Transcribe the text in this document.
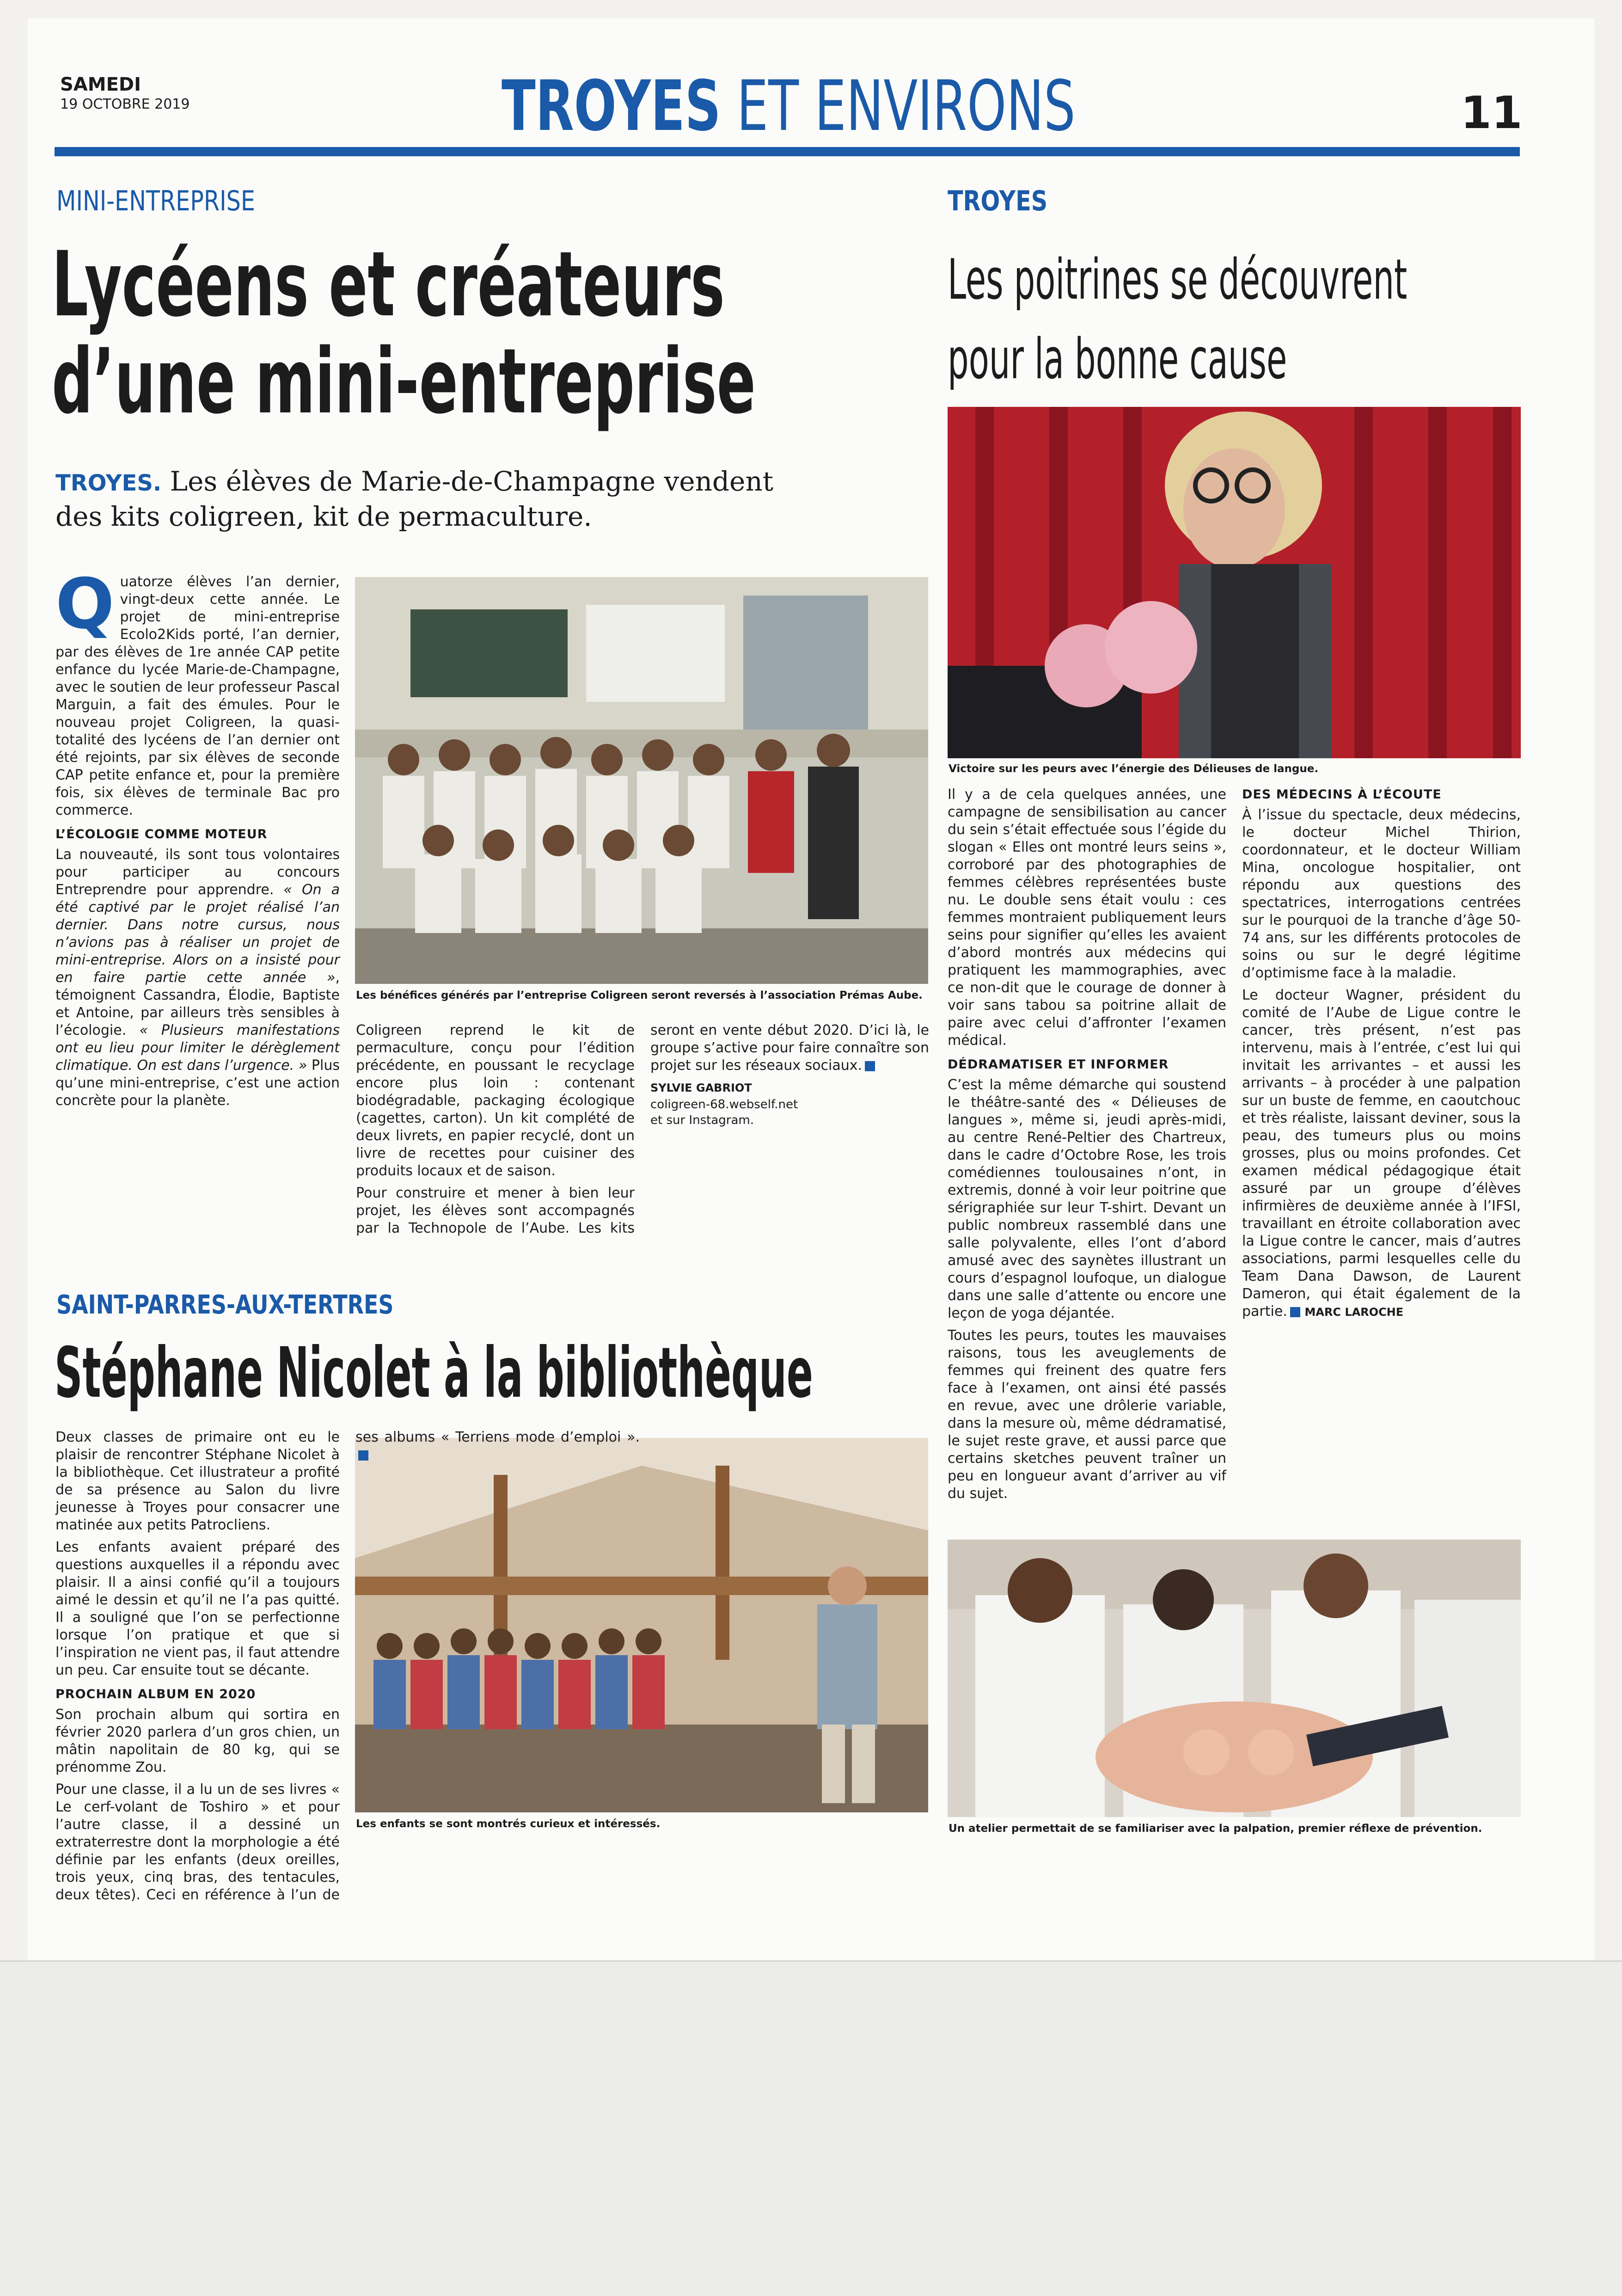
SAMEDI
19 OCTOBRE 2019	TROYES ET ENVIRONS	11
MINI-ENTREPRISE
Lycéens et créateurs
d’une mini-entreprise
TROYES. Les élèves de Marie-de-Champagne vendent des kits coligreen, kit de permaculture.
Les bénéfices générés par l’entreprise Coligreen seront reversés à l’association Prémas Aube.

Quatorze élèves l’an dernier, vingt-deux cette année. Le projet de mini-entreprise Ecolo2Kids porté, l’an dernier, par des élèves de 1re année CAP petite enfance du lycée Marie-de-Champagne, avec le soutien de leur professeur Pascal Marguin, a fait des émules. Pour le nouveau projet Coligreen, la quasi-totalité des lycéens de l’an dernier ont été rejoints, par six élèves de seconde CAP petite enfance et, pour la première fois, six élèves de terminale Bac pro commerce.

L’ÉCOLOGIE COMME MOTEUR

La nouveauté, ils sont tous volontaires pour participer au concours Entreprendre pour apprendre. « On a été captivé par le projet réalisé l’an dernier. Dans notre cursus, nous n’avions pas à réaliser un projet de mini-entreprise. Alors on a insisté pour en faire partie cette année », témoignent Cassandra, Élodie, Baptiste et Antoine, par ailleurs très sensibles à l’écologie. « Plusieurs manifestations ont eu lieu pour limiter le dérèglement climatique. On est dans l’urgence. » Plus qu’une mini-entreprise, c’est une action concrète pour la planète.

Coligreen reprend le kit de permaculture, conçu pour l’édition précédente, en poussant le recyclage encore plus loin : contenant biodégradable, packaging écologique (cagettes, carton). Un kit complété de deux livrets, en papier recyclé, dont un livre de recettes pour cuisiner des produits locaux et de saison.

Pour construire et mener à bien leur projet, les élèves sont accompagnés par la Technopole de l’Aube. Les kits seront en vente début 2020. D’ici là, le groupe s’active pour faire connaître son projet sur les réseaux sociaux.

SYLVIE GABRIOT
coligreen-68.webself.net
et sur Instagram.
SAINT-PARRES-AUX-TERTRES
Stéphane Nicolet à la bibliothèque
Les enfants se sont montrés curieux et intéressés.

Deux classes de primaire ont eu le plaisir de rencontrer Stéphane Nicolet à la bibliothèque. Cet illustrateur a profité de sa présence au Salon du livre jeunesse à Troyes pour consacrer une matinée aux petits Patrocliens.

Les enfants avaient préparé des questions auxquelles il a répondu avec plaisir. Il a ainsi confié qu’il a toujours aimé le dessin et qu’il ne l’a pas quitté. Il a souligné que l’on se perfectionne lorsque l’on pratique et que si l’inspiration ne vient pas, il faut attendre un peu. Car ensuite tout se décante.

PROCHAIN ALBUM EN 2020

Son prochain album qui sortira en février 2020 parlera d’un gros chien, un mâtin napolitain de 80 kg, qui se prénomme Zou.

Pour une classe, il a lu un de ses livres « Le cerf-volant de Toshiro » et pour l’autre classe, il a dessiné un extraterrestre dont la morphologie a été définie par les enfants (deux oreilles, trois yeux, cinq bras, des tentacules, deux têtes). Ceci en référence à l’un de ses albums « Terriens mode d’emploi ».

TROYES
Les poitrines se découvrent
pour la bonne cause
Victoire sur les peurs avec l’énergie des Délieuses de langue.

Il y a de cela quelques années, une campagne de sensibilisation au cancer du sein s’était effectuée sous l’égide du slogan « Elles ont montré leurs seins », corroboré par des photographies de femmes célèbres représentées buste nu. Le double sens était voulu : ces femmes montraient publiquement leurs seins pour signifier qu’elles les avaient d’abord montrés aux médecins qui pratiquent les mammographies, avec ce non-dit que le courage de donner à voir sans tabou sa poitrine allait de paire avec celui d’affronter l’examen médical.

DÉDRAMATISER ET INFORMER

C’est la même démarche qui soustend le théâtre-santé des « Délieuses de langues », même si, jeudi après-midi, au centre René-Peltier des Chartreux, dans le cadre d’Octobre Rose, les trois comédiennes toulousaines n’ont, in extremis, donné à voir leur poitrine que sérigraphiée sur leur T-shirt. Devant un public nombreux rassemblé dans une salle polyvalente, elles l’ont d’abord amusé avec des saynètes illustrant un cours d’espagnol loufoque, un dialogue dans une salle d’attente ou encore une leçon de yoga déjantée.

Toutes les peurs, toutes les mauvaises raisons, tous les aveuglements de femmes qui freinent des quatre fers face à l’examen, ont ainsi été passés en revue, avec une drôlerie variable, dans la mesure où, même dédramatisé, le sujet reste grave, et aussi parce que certains sketches peuvent traîner un peu en longueur avant d’arriver au vif du sujet.

DES MÉDECINS À L’ÉCOUTE

À l’issue du spectacle, deux médecins, le docteur Michel Thirion, coordonnateur, et le docteur William Mina, oncologue hospitalier, ont répondu aux questions des spectatrices, interrogations centrées sur le pourquoi de la tranche d’âge 50-74 ans, sur les différents protocoles de soins ou sur le degré légitime d’optimisme face à la maladie.

Le docteur Wagner, président du comité de l’Aube de Ligue contre le cancer, très présent, n’est pas intervenu, mais à l’entrée, c’est lui qui invitait les arrivantes – et aussi les arrivants – à procéder à une palpation sur un buste de femme, en caoutchouc et très réaliste, laissant deviner, sous la peau, des tumeurs plus ou moins grosses, plus ou moins profondes. Cet examen médical pédagogique était assuré par un groupe d’élèves infirmières de deuxième année à l’IFSI, travaillant en étroite collaboration avec la Ligue contre le cancer, mais d’autres associations, parmi lesquelles celle du Team Dana Dawson, de Laurent Dameron, qui était également de la partie. MARC LAROCHE

Un atelier permettait de se familiariser avec la palpation, premier réflexe de prévention.
